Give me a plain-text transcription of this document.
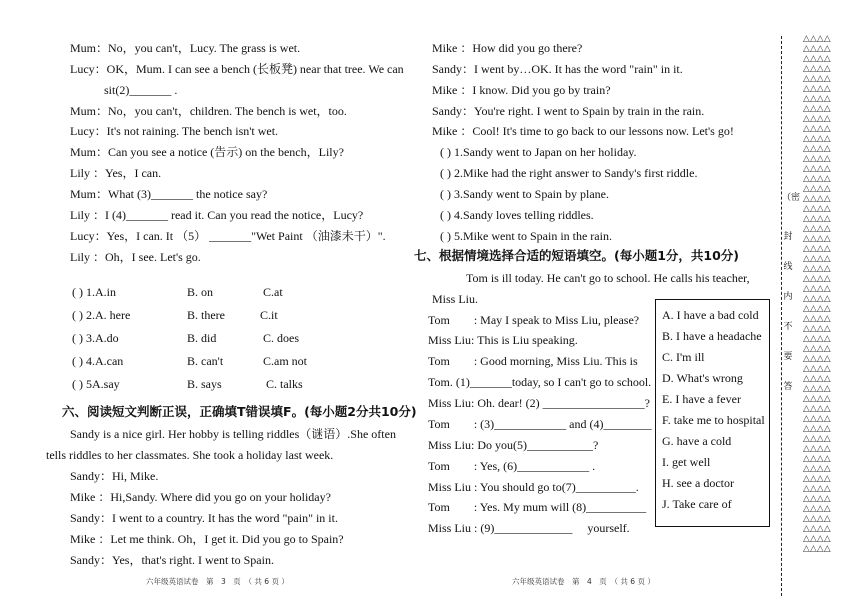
Mum：No，you can't，Lucy. The grass is wet.
Lucy：OK，Mum. I can see a bench (长板凳) near that tree. We can
sit(2)_______ .
Mum：No，you can't，children. The bench is wet，too.
Lucy：It's not raining. The bench isn't wet.
Mum：Can you see a notice (告示) on the bench，Lily?
Lily ：Yes，I can.
Mum：What (3)_______ the notice say?
Lily ：I (4)_______ read it. Can you read the notice，Lucy?
Lucy：Yes，I can. It （5） _______"Wet Paint （油漆未干）".
Lily ：Oh，I see. Let's go.
( ) 1.A.in	B. on	C.at
( ) 2.A. here	B. there	C.it
( ) 3.A.do	B. did	C. does
( ) 4.A.can	B. can't	C.am not
( ) 5A.say	B. says	C. talks
六、阅读短文判断正误，正确填T错误填F。(每小题2分共10分)
Sandy is a nice girl. Her hobby is telling riddles（谜语）.She often
tells riddles to her classmates. She took a holiday last week.
Sandy：Hi, Mike.
Mike ：Hi,Sandy. Where did you go on your holiday?
Sandy：I went to a country. It has the word "pain" in it.
Mike ：Let me think. Oh，I get it. Did you go to Spain?
Sandy：Yes，that's right. I went to Spain.
六年级英语试卷　第　3　页　（ 共 6 页 ）
Mike ：How did you go there?
Sandy：I went by…OK. It has the word "rain" in it.
Mike ：I know. Did you go by train?
Sandy：You're right. I went to Spain by train in the rain.
Mike ：Cool! It's time to go back to our lessons now. Let's go!
( ) 1.Sandy went to Japan on her holiday.
( ) 2.Mike had the right answer to Sandy's first riddle.
( ) 3.Sandy went to Spain by plane.
( ) 4.Sandy loves telling riddles.
( ) 5.Mike went to Spain in the rain.
七、根据情境选择合适的短语填空。(每小题1分，共10分)
Tom is ill today. He can't go to school. He calls his teacher,
Miss Liu.
Tom　　: May I speak to Miss Liu, please?
Miss Liu: This is Liu speaking.
Tom　　: Good morning, Miss Liu. This is
Tom. (1)_______today, so I can't go to school.
Miss Liu: Oh. dear! (2) _________________?
Tom　　: (3)____________ and (4)________
Miss Liu: Do you(5)___________?
Tom　　: Yes, (6)____________ .
Miss Liu : You should go to(7)__________.
Tom　　: Yes. My mum will (8)__________
Miss Liu : (9)_____________ 　yourself.
A. I have a bad cold
B. I have a headache
C. I'm ill
D. What's wrong
E. I have a fever
F. take me to hospital
G. have a cold
I. get well
H. see a doctor
J. Take care of
六年级英语试卷　第　4　页　（ 共 6 页 ）
（密
封
线
内
不
要
答
△△△△
△△△△
△△△△
△△△△
△△△△
△△△△
△△△△
△△△△
△△△△
△△△△
△△△△
△△△△
△△△△
△△△△
△△△△
△△△△
△△△△
△△△△
△△△△
△△△△
△△△△
△△△△
△△△△
△△△△
△△△△
△△△△
△△△△
△△△△
△△△△
△△△△
△△△△
△△△△
△△△△
△△△△
△△△△
△△△△
△△△△
△△△△
△△△△
△△△△
△△△△
△△△△
△△△△
△△△△
△△△△
△△△△
△△△△
△△△△
△△△△
△△△△
△△△△
△△△△
